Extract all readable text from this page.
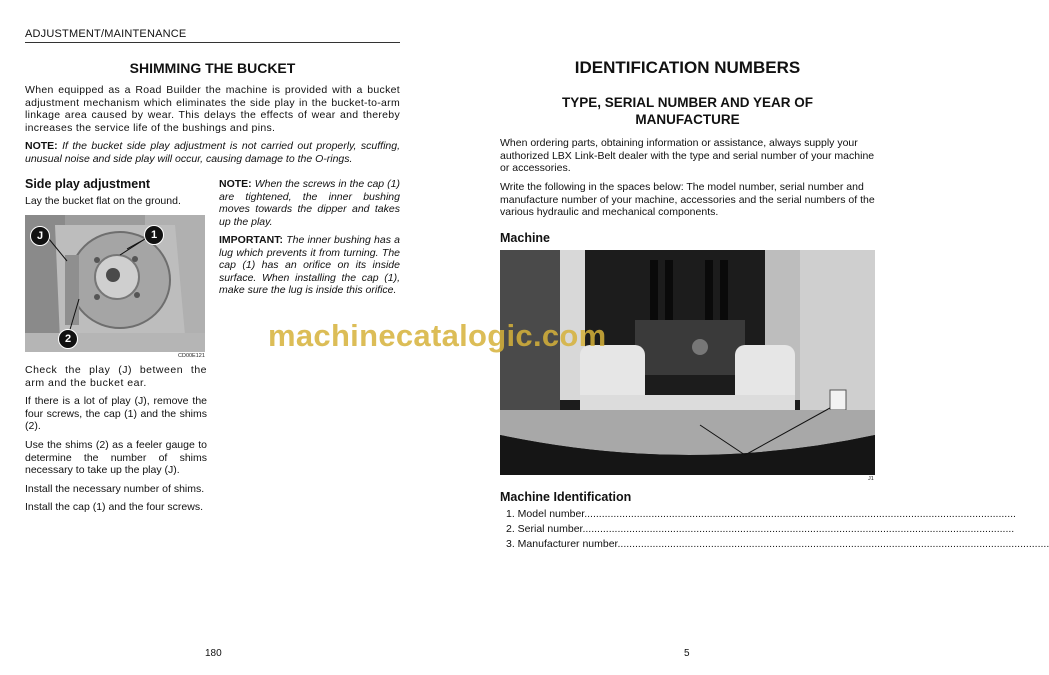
ADJUSTMENT/MAINTENANCE
SHIMMING THE BUCKET
When equipped as a Road Builder the machine is provided with a bucket adjustment mechanism which eliminates the side play in the bucket-to-arm linkage area caused by wear. This delays the effects of wear and thereby increases the service life of the bushings and pins.
NOTE: If the bucket side play adjustment is not carried out properly, scuffing, unusual noise and side play will occur, causing damage to the O-rings.
Side play adjustment
Lay the bucket flat on the ground.
J	1
2
CD00E121
Check the play (J) between the arm and the bucket ear.
If there is a lot of play (J), remove the four screws, the cap (1) and the shims (2).
Use the shims (2) as a feeler gauge to determine the number of shims necessary to take up the play (J).
Install the necessary number of shims.
Install the cap (1) and the four screws.
NOTE: When the screws in the cap (1) are tightened, the inner bushing moves towards the dipper and takes up the play.
IMPORTANT: The inner bushing has a lug which prevents it from turning. The cap (1) has an orifice on its inside surface. When installing the cap (1), make sure the lug is inside this orifice.
180
IDENTIFICATION NUMBERS
TYPE, SERIAL NUMBER AND YEAR OF MANUFACTURE
When ordering parts, obtaining information or assistance, always supply your authorized LBX Link-Belt dealer with the type and serial number of your machine or accessories.
Write the following in the spaces below: The model number, serial number and manufacture number of your machine, accessories and the serial numbers of the various hydraulic and mechanical components.
Machine
J1
Machine Identification
1. Model number....................................................................................................................................................
2. Serial number....................................................................................................................................................
3. Manufacturer number....................................................................................................................................................
5
machinecatalogic.com
